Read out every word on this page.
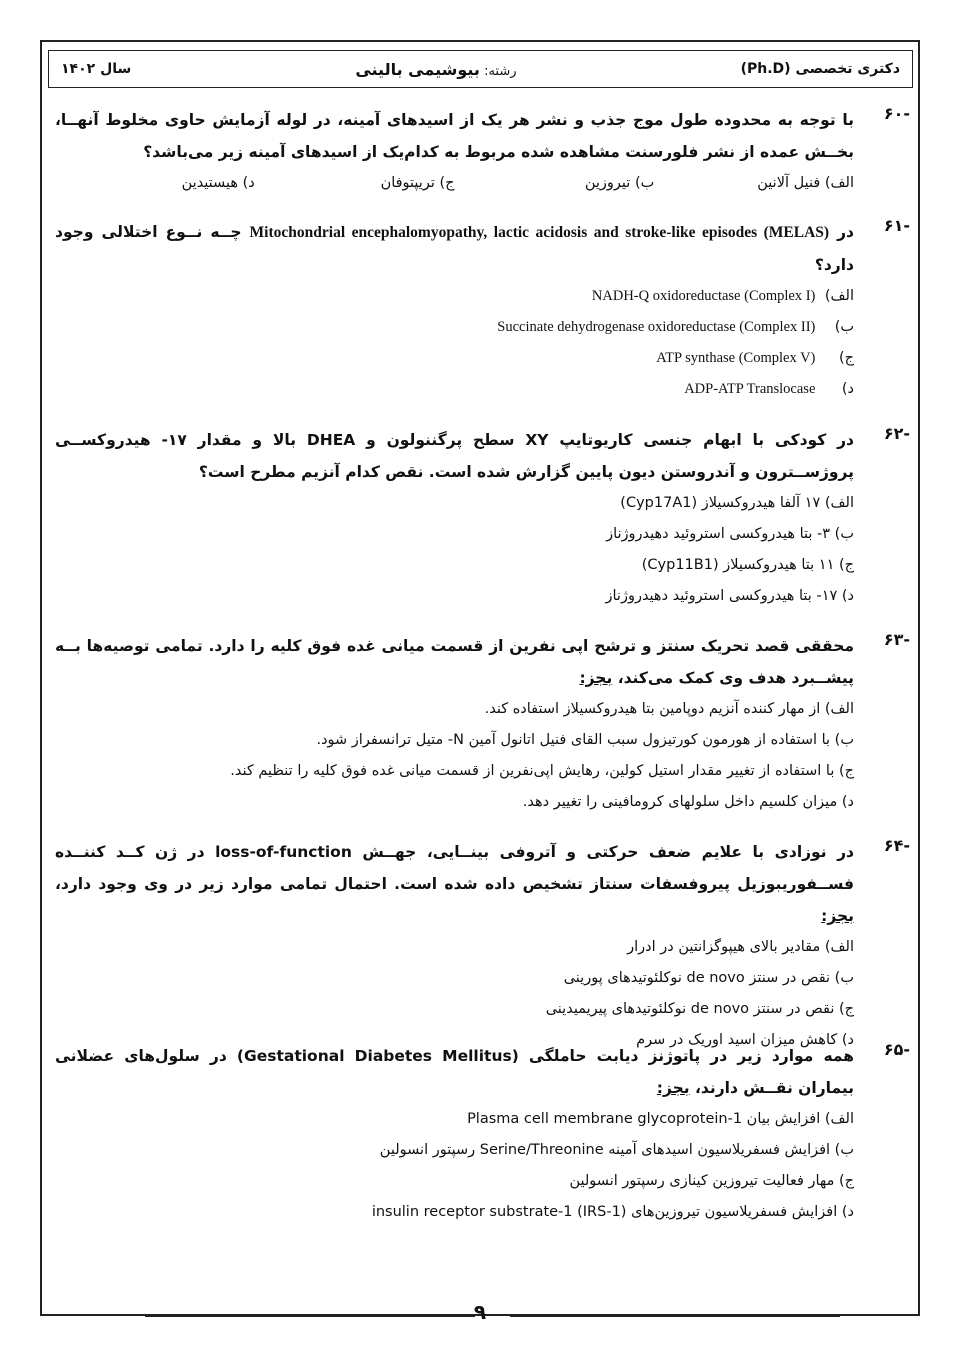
دکتری تخصصی (Ph.D)
رشته: بیوشیمی بالینی
سال ۱۴۰۲
-۶۰
با توجه به محدوده طول موج جذب و نشر هر یک از اسیدهای آمینه، در لوله آزمایش حاوی مخلوط آنهــا، بخــش عمده از نشر فلورسنت مشاهده شده مربوط به کدام‌یک از اسیدهای آمینه زیر می‌باشد؟
الف) فنیل آلانین
ب) تیروزین
ج) تریپتوفان
د) هیستیدین
-۶۱
در Mitochondrial encephalomyopathy, lactic acidosis and stroke-like episodes (MELAS) چــه نــوع اختلالی وجود دارد؟
الف) NADH-Q oxidoreductase (Complex I)
ب) Succinate dehydrogenase oxidoreductase (Complex II)
ج) ATP synthase (Complex V)
د) ADP-ATP Translocase
-۶۲
در کودکی با ابهام جنسی کاریوتایپ XY سطح پرگننولون و DHEA بالا و مقدار ۱۷- هیدروکســی پروژســترون و آندروستن دیون پایین گزارش شده است. نقص کدام آنزیم مطرح است؟
الف) ۱۷ آلفا هیدروکسیلاز (Cyp17A1)
ب) ۳- بتا هیدروکسی استروئید دهیدروژناز
ج) ۱۱ بتا هیدروکسیلاز (Cyp11B1)
د) ۱۷- بتا هیدروکسی استروئید دهیدروژناز
-۶۳
محققی قصد تحریک سنتز و ترشح اپی نفرین از قسمت میانی غده فوق کلیه را دارد. تمامی توصیه‌ها بــه پیشــبرد هدف وی کمک می‌کند، بجز:
الف) از مهار کننده آنزیم دوپامین بتا هیدروکسیلاز استفاده کند.
ب) با استفاده از هورمون کورتیزول سبب القای فنیل اتانول آمین N- متیل ترانسفراز شود.
ج) با استفاده از تغییر مقدار استیل کولین، رهایش اپی‌نفرین از قسمت میانی غده فوق کلیه را تنظیم کند.
د) میزان کلسیم داخل سلولهای کرومافینی را تغییر دهد.
-۶۴
در نوزادی با علایم ضعف حرکتی و آتروفی بینــایی، جهــش loss-of-function در ژن کــد کننــده فســفوریبوزیل پیروفسفات سنتاز تشخیص داده شده است. احتمال تمامی موارد زیر در وی وجود دارد، بجز:
الف) مقادیر بالای هیپوگزانتین در ادرار
ب) نقص در سنتز de novo نوکلئوتیدهای پورینی
ج) نقص در سنتز de novo نوکلئوتیدهای پیریمیدینی
د) کاهش میزان اسید اوریک در سرم	-۶۵
همه موارد زیر در پاتوژنز دیابت حاملگی (Gestational Diabetes Mellitus) در سلول‌های عضلانی بیماران نقــش دارند، بجز:
الف) افزایش بیان Plasma cell membrane glycoprotein-1
ب) افزایش فسفریلاسیون اسیدهای آمینه Serine/Threonine رسپتور انسولین
ج) مهار فعالیت تیروزین کینازی رسپتور انسولین
د) افزایش فسفریلاسیون تیروزین‌های insulin receptor substrate-1 (IRS-1)
۹
